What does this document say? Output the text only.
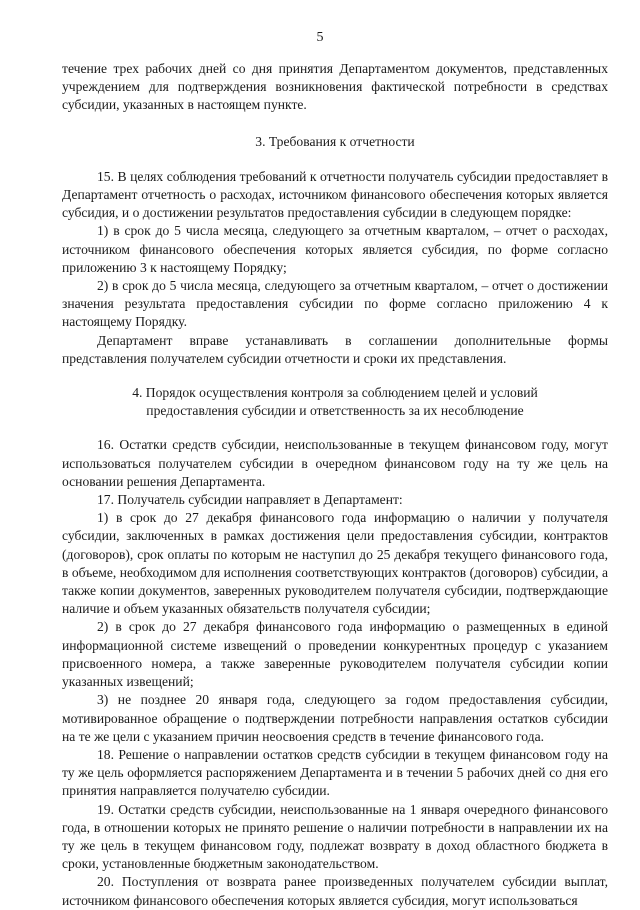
5

течение трех рабочих дней со дня принятия Департаментом документов, представленных учреждением для подтверждения возникновения фактической потребности в средствах субсидии, указанных в настоящем пункте.

3. Требования к отчетности

15. В целях соблюдения требований к отчетности получатель субсидии предоставляет в Департамент отчетность о расходах, источником финансового обеспечения которых является субсидия, и о достижении результатов предоставления субсидии в следующем порядке:

1) в срок до 5 числа месяца, следующего за отчетным кварталом, – отчет о расходах, источником финансового обеспечения которых является субсидия, по форме согласно приложению 3 к настоящему Порядку;

2) в срок до 5 числа месяца, следующего за отчетным кварталом, – отчет о достижении значения результата предоставления субсидии по форме согласно приложению 4 к настоящему Порядку.

Департамент вправе устанавливать в соглашении дополнительные формы представления получателем субсидии отчетности и сроки их представления.

4. Порядок осуществления контроля за соблюдением целей и условий
предоставления субсидии и ответственность за их несоблюдение

16. Остатки средств субсидии, неиспользованные в текущем финансовом году, могут использоваться получателем субсидии в очередном финансовом году на ту же цель на основании решения Департамента.

17. Получатель субсидии направляет в Департамент:

1) в срок до 27 декабря финансового года информацию о наличии у получателя субсидии, заключенных в рамках достижения цели предоставления субсидии, контрактов (договоров), срок оплаты по которым не наступил до 25 декабря текущего финансового года, в объеме, необходимом для исполнения соответствующих контрактов (договоров) субсидии, а также копии документов, заверенных руководителем получателя субсидии, подтверждающие наличие и объем указанных обязательств получателя субсидии;

2) в срок до 27 декабря финансового года информацию о размещенных в единой информационной системе извещений о проведении конкурентных процедур с указанием присвоенного номера, а также заверенные руководителем получателя субсидии копии указанных извещений;

3) не позднее 20 января года, следующего за годом предоставления субсидии, мотивированное обращение о подтверждении потребности направления остатков субсидии на те же цели с указанием причин неосвоения средств в течение финансового года.

18. Решение о направлении остатков средств субсидии в текущем финансовом году на ту же цель оформляется распоряжением Департамента и в течении 5 рабочих дней со дня его принятия направляется получателю субсидии.

19. Остатки средств субсидии, неиспользованные на 1 января очередного финансового года, в отношении которых не принято решение о наличии потребности в направлении их на ту же цель в текущем финансовом году, подлежат возврату в доход областного бюджета в сроки, установленные бюджетным законодательством.

20. Поступления от возврата ранее произведенных получателем субсидии выплат, источником финансового обеспечения которых является субсидия, могут использоваться
